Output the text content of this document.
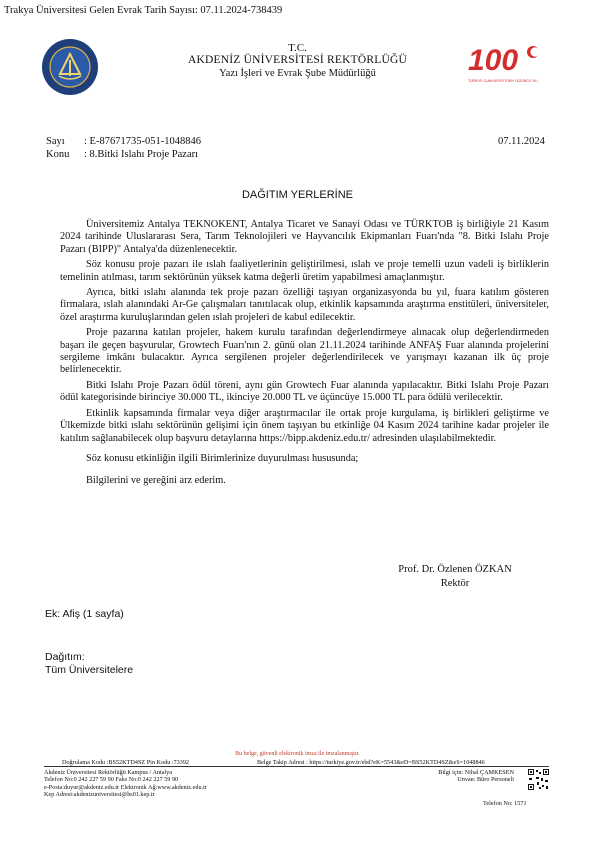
Trakya Üniversitesi Gelen Evrak Tarih Sayısı: 07.11.2024-738439
100
TÜRKİYE CUMHURİYETİ'NİN YÜZÜNCÜ YILI
T.C.
AKDENİZ ÜNİVERSİTESİ REKTÖRLÜĞÜ
Yazı İşleri ve Evrak Şube Müdürlüğü
Sayı : E-87671735-051-1048846
Konu : 8.Bitki Islahı Proje Pazarı
07.11.2024
DAĞITIM YERLERİNE

Üniversitemiz Antalya TEKNOKENT, Antalya Ticaret ve Sanayi Odası ve TÜRKTOB iş birliğiyle 21 Kasım 2024 tarihinde Uluslararası Sera, Tarım Teknolojileri ve Hayvancılık Ekipmanları Fuarı'nda "8. Bitki Islahı Proje Pazarı (BIPP)" Antalya'da düzenlenecektir.

Söz konusu proje pazarı ile ıslah faaliyetlerinin geliştirilmesi, ıslah ve proje temelli uzun vadeli iş birliklerin temelinin atılması, tarım sektörünün yüksek katma değerli üretim yapabilmesi amaçlanmıştır.

Ayrıca, bitki ıslahı alanında tek proje pazarı özelliği taşıyan organizasyonda bu yıl, fuara katılım gösteren firmalara, ıslah alanındaki Ar-Ge çalışmaları tanıtılacak olup, etkinlik kapsamında araştırma enstitüleri, üniversiteler, özel araştırma kuruluşlarından gelen ıslah projeleri de kabul edilecektir.

Proje pazarına katılan projeler, hakem kurulu tarafından değerlendirmeye alınacak olup değerlendirmeden başarı ile geçen başvurular, Growtech Fuarı'nın 2. günü olan 21.11.2024 tarihinde ANFAŞ Fuar alanında projelerini sergileme imkânı bulacaktır. Ayrıca sergilenen projeler değerlendirilecek ve yarışmayı kazanan ilk üç proje belirlenecektir.

Bitki Islahı Proje Pazarı ödül töreni, aynı gün Growtech Fuar alanında yapılacaktır. Bitki Islahı Proje Pazarı ödül kategorisinde birinciye 30.000 TL, ikinciye 20.000 TL ve üçüncüye 15.000 TL para ödülü verilecektir.

Etkinlik kapsamında firmalar veya diğer araştırmacılar ile ortak proje kurgulama, iş birlikleri geliştirme ve Ülkemizde bitki ıslahı sektörünün gelişimi için önem taşıyan bu etkinliğe 04 Kasım 2024 tarihine kadar projeler ile katılım sağlanabilecek olup başvuru detaylarına https://bipp.akdeniz.edu.tr/ adresinden ulaşılabilmektedir.

Söz konusu etkinliğin ilgili Birimlerinize duyurulması hususunda;

Bilgilerini ve gereğini arz ederim.

Prof. Dr. Özlenen ÖZKAN
Rektör
Ek: Afiş (1 sayfa)
Dağıtım:
Tüm Üniversitelere
Bu belge, güvenli elektronik imza ile imzalanmıştır.
Doğrulama Kodu :BS52KTD4SZ Pin Kodu :73392	Belge Takip Adresi : https://turkiye.gov.tr/ebd?eK=5543&eD=BS52KTD4SZ&eS=1048846
Akdeniz Üniversitesi Rektörlüğü Kampus / Antalya
Telefon No:0 242 227 59 90 Faks No:0 242 227 59 90
e-Posta:duyur@akdeniz.edu.tr Elektronik Ağ:www.akdeniz.edu.tr
Kep Adresi:akdenizuniversitesi@hs01.kep.tr
Bilgi için: Nihal ÇAMKESEN
Unvan: Büro Personeli
Telefon No: 1571
